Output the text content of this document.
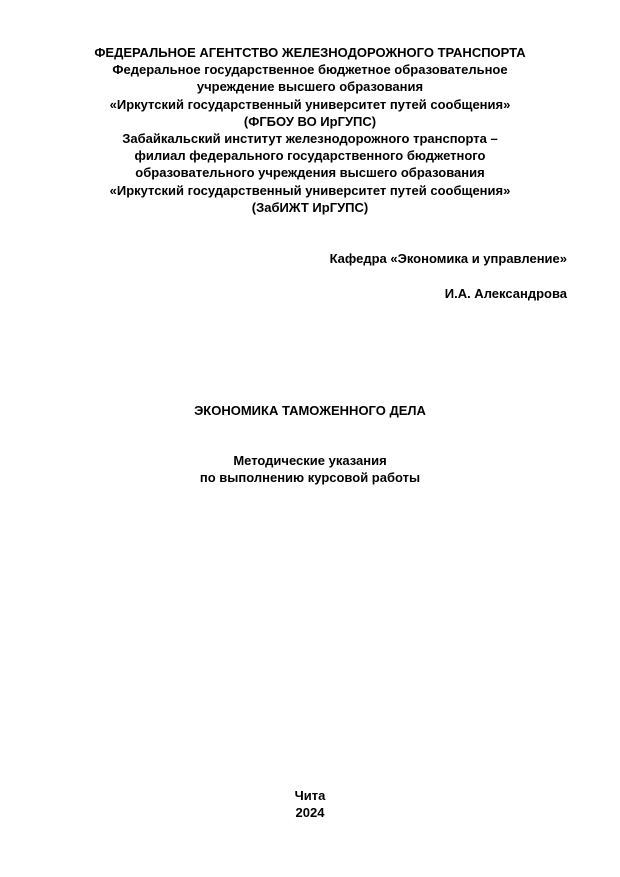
ФЕДЕРАЛЬНОЕ АГЕНТСТВО ЖЕЛЕЗНОДОРОЖНОГО ТРАНСПОРТА
Федеральное государственное бюджетное образовательное
учреждение высшего образования
«Иркутский государственный университет путей сообщения»
(ФГБОУ ВО ИрГУПС)
Забайкальский институт железнодорожного транспорта –
филиал федерального государственного бюджетного
образовательного учреждения высшего образования
«Иркутский государственный университет путей сообщения»
(ЗабИЖТ ИрГУПС)
Кафедра «Экономика и управление»
И.А. Александрова
ЭКОНОМИКА ТАМОЖЕННОГО ДЕЛА
Методические указания
по выполнению курсовой работы
Чита
2024
